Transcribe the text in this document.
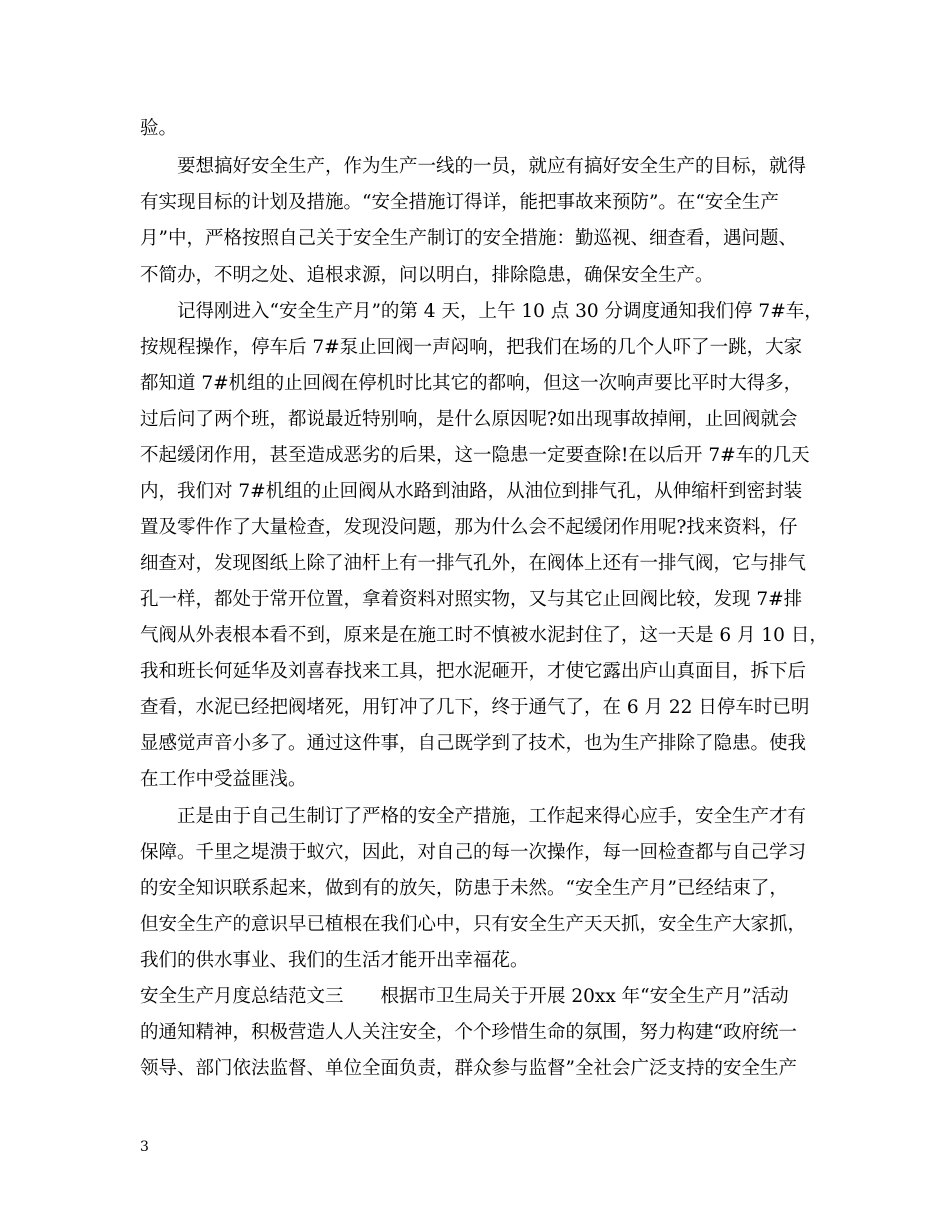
验。
要想搞好安全生产，作为生产一线的一员，就应有搞好安全生产的目标，就得
有实现目标的计划及措施。“安全措施订得详，能把事故来预防”。在“安全生产
月”中，严格按照自己关于安全生产制订的安全措施：勤巡视、细查看，遇问题、
不简办，不明之处、追根求源，问以明白，排除隐患，确保安全生产。
记得刚进入“安全生产月”的第 4 天，上午 10 点 30 分调度通知我们停 7#车，
按规程操作，停车后 7#泵止回阀一声闷响，把我们在场的几个人吓了一跳，大家
都知道 7#机组的止回阀在停机时比其它的都响，但这一次响声要比平时大得多，
过后问了两个班，都说最近特别响，是什么原因呢?如出现事故掉闸，止回阀就会
不起缓闭作用，甚至造成恶劣的后果，这一隐患一定要查除!在以后开 7#车的几天
内，我们对 7#机组的止回阀从水路到油路，从油位到排气孔，从伸缩杆到密封装
置及零件作了大量检查，发现没问题，那为什么会不起缓闭作用呢?找来资料，仔
细查对，发现图纸上除了油杆上有一排气孔外，在阀体上还有一排气阀，它与排气
孔一样，都处于常开位置，拿着资料对照实物，又与其它止回阀比较，发现 7#排
气阀从外表根本看不到，原来是在施工时不慎被水泥封住了，这一天是 6 月 10 日，
我和班长何延华及刘喜春找来工具，把水泥砸开，才使它露出庐山真面目，拆下后
查看，水泥已经把阀堵死，用钉冲了几下，终于通气了，在 6 月 22 日停车时已明
显感觉声音小多了。通过这件事，自己既学到了技术，也为生产排除了隐患。使我
在工作中受益匪浅。
正是由于自己生制订了严格的安全产措施，工作起来得心应手，安全生产才有
保障。千里之堤溃于蚁穴，因此，对自己的每一次操作，每一回检查都与自己学习
的安全知识联系起来，做到有的放矢，防患于未然。“安全生产月”已经结束了，
但安全生产的意识早已植根在我们心中，只有安全生产天天抓，安全生产大家抓，
我们的供水事业、我们的生活才能开出幸福花。
安全生产月度总结范文三　　根据市卫生局关于开展 20xx 年“安全生产月”活动
的通知精神，积极营造人人关注安全，个个珍惜生命的氛围，努力构建“政府统一
领导、部门依法监督、单位全面负责，群众参与监督”全社会广泛支持的安全生产
3
